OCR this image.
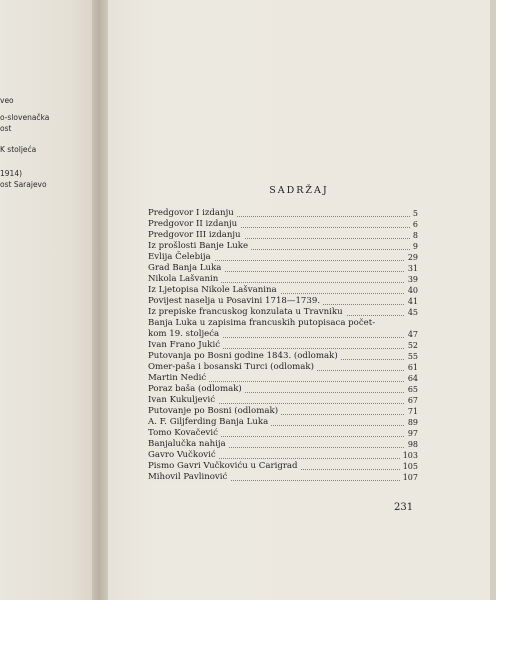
veo
o-slovenačka
ost
K stoljeća
1914)
ost Sarajevo
SADRŽAJ
Predgovor I izdanju	5
Predgovor II izdanju	6
Predgovor III izdanju	8
Iz prošlosti Banje Luke	9
Evlija Čelebija	29
Grad Banja Luka	31
Nikola Lašvanin	39
Iz Ljetopisa Nikole Lašvanina	40
Povijest naselja u Posavini 1718—1739.	41
Iz prepiske francuskog konzulata u Travniku	45
Banja Luka u zapisima francuskih putopisaca počet-
kom 19. stoljeća	47
Ivan Frano Jukić	52
Putovanja po Bosni godine 1843. (odlomak)	55
Omer-paša i bosanski Turci (odlomak)	61
Martin Nedić	64
Poraz baša (odlomak)	65
Ivan Kukuljević	67
Putovanje po Bosni (odlomak)	71
A. F. Giljferding Banja Luka	89
Tomo Kovačević	97
Banjalučka nahija	98
Gavro Vučković	103
Pismo Gavri Vučkoviću u Carigrad	105
Mihovil Pavlinović	107
231
